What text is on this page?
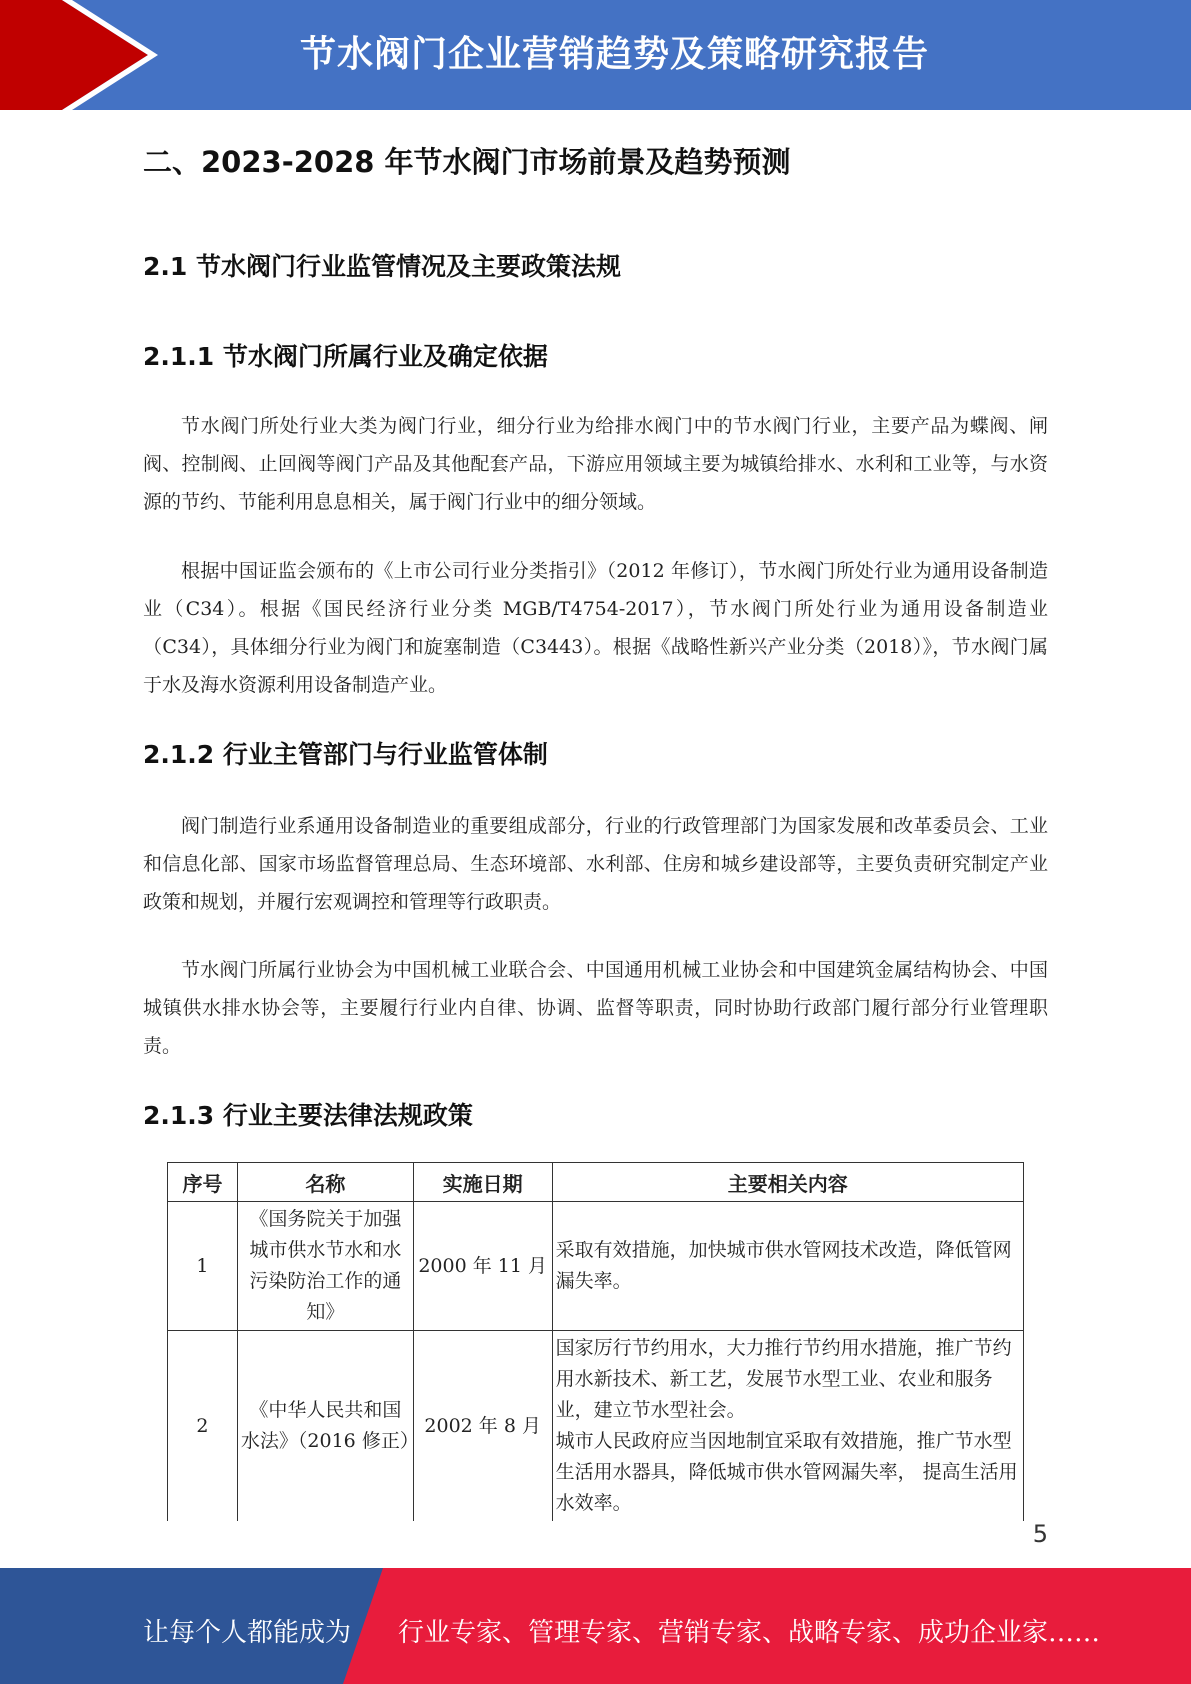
节水阀门企业营销趋势及策略研究报告
二、2023-2028 年节水阀门市场前景及趋势预测
2.1 节水阀门行业监管情况及主要政策法规
2.1.1 节水阀门所属行业及确定依据

节水阀门所处行业大类为阀门行业，细分行业为给排水阀门中的节水阀门行业，主要产品为蝶阀、闸阀、控制阀、止回阀等阀门产品及其他配套产品，下游应用领域主要为城镇给排水、水利和工业等，与水资源的节约、节能利用息息相关，属于阀门行业中的细分领域。

根据中国证监会颁布的《上市公司行业分类指引》（2012 年修订），节水阀门所处行业为通用设备制造业（C34）。根据《国民经济行业分类 MGB/T4754-2017），节水阀门所处行业为通用设备制造业（C34），具体细分行业为阀门和旋塞制造（C3443）。根据《战略性新兴产业分类（2018）》，节水阀门属于水及海水资源利用设备制造产业。

2.1.2 行业主管部门与行业监管体制

阀门制造行业系通用设备制造业的重要组成部分，行业的行政管理部门为国家发展和改革委员会、工业和信息化部、国家市场监督管理总局、生态环境部、水利部、住房和城乡建设部等，主要负责研究制定产业政策和规划，并履行宏观调控和管理等行政职责。

节水阀门所属行业协会为中国机械工业联合会、中国通用机械工业协会和中国建筑金属结构协会、中国城镇供水排水协会等，主要履行行业内自律、协调、监督等职责，同时协助行政部门履行部分行业管理职责。

2.1.3 行业主要法律法规政策
序号	名称	实施日期	主要相关内容
1	《国务院关于加强城市供水节水和水污染防治工作的通知》	2000 年 11 月	采取有效措施，加快城市供水管网技术改造，降低管网漏失率。
2	《中华人民共和国水法》（2016 修正）	2002 年 8 月	国家厉行节约用水，大力推行节约用水措施，推广节约用水新技术、新工艺，发展节水型工业、农业和服务业，建立节水型社会。
城市人民政府应当因地制宜采取有效措施，推广节水型生活用水器具，降低城市供水管网漏失率， 提高生活用水效率。
5
让每个人都能成为 行业专家、管理专家、营销专家、战略专家、成功企业家……
